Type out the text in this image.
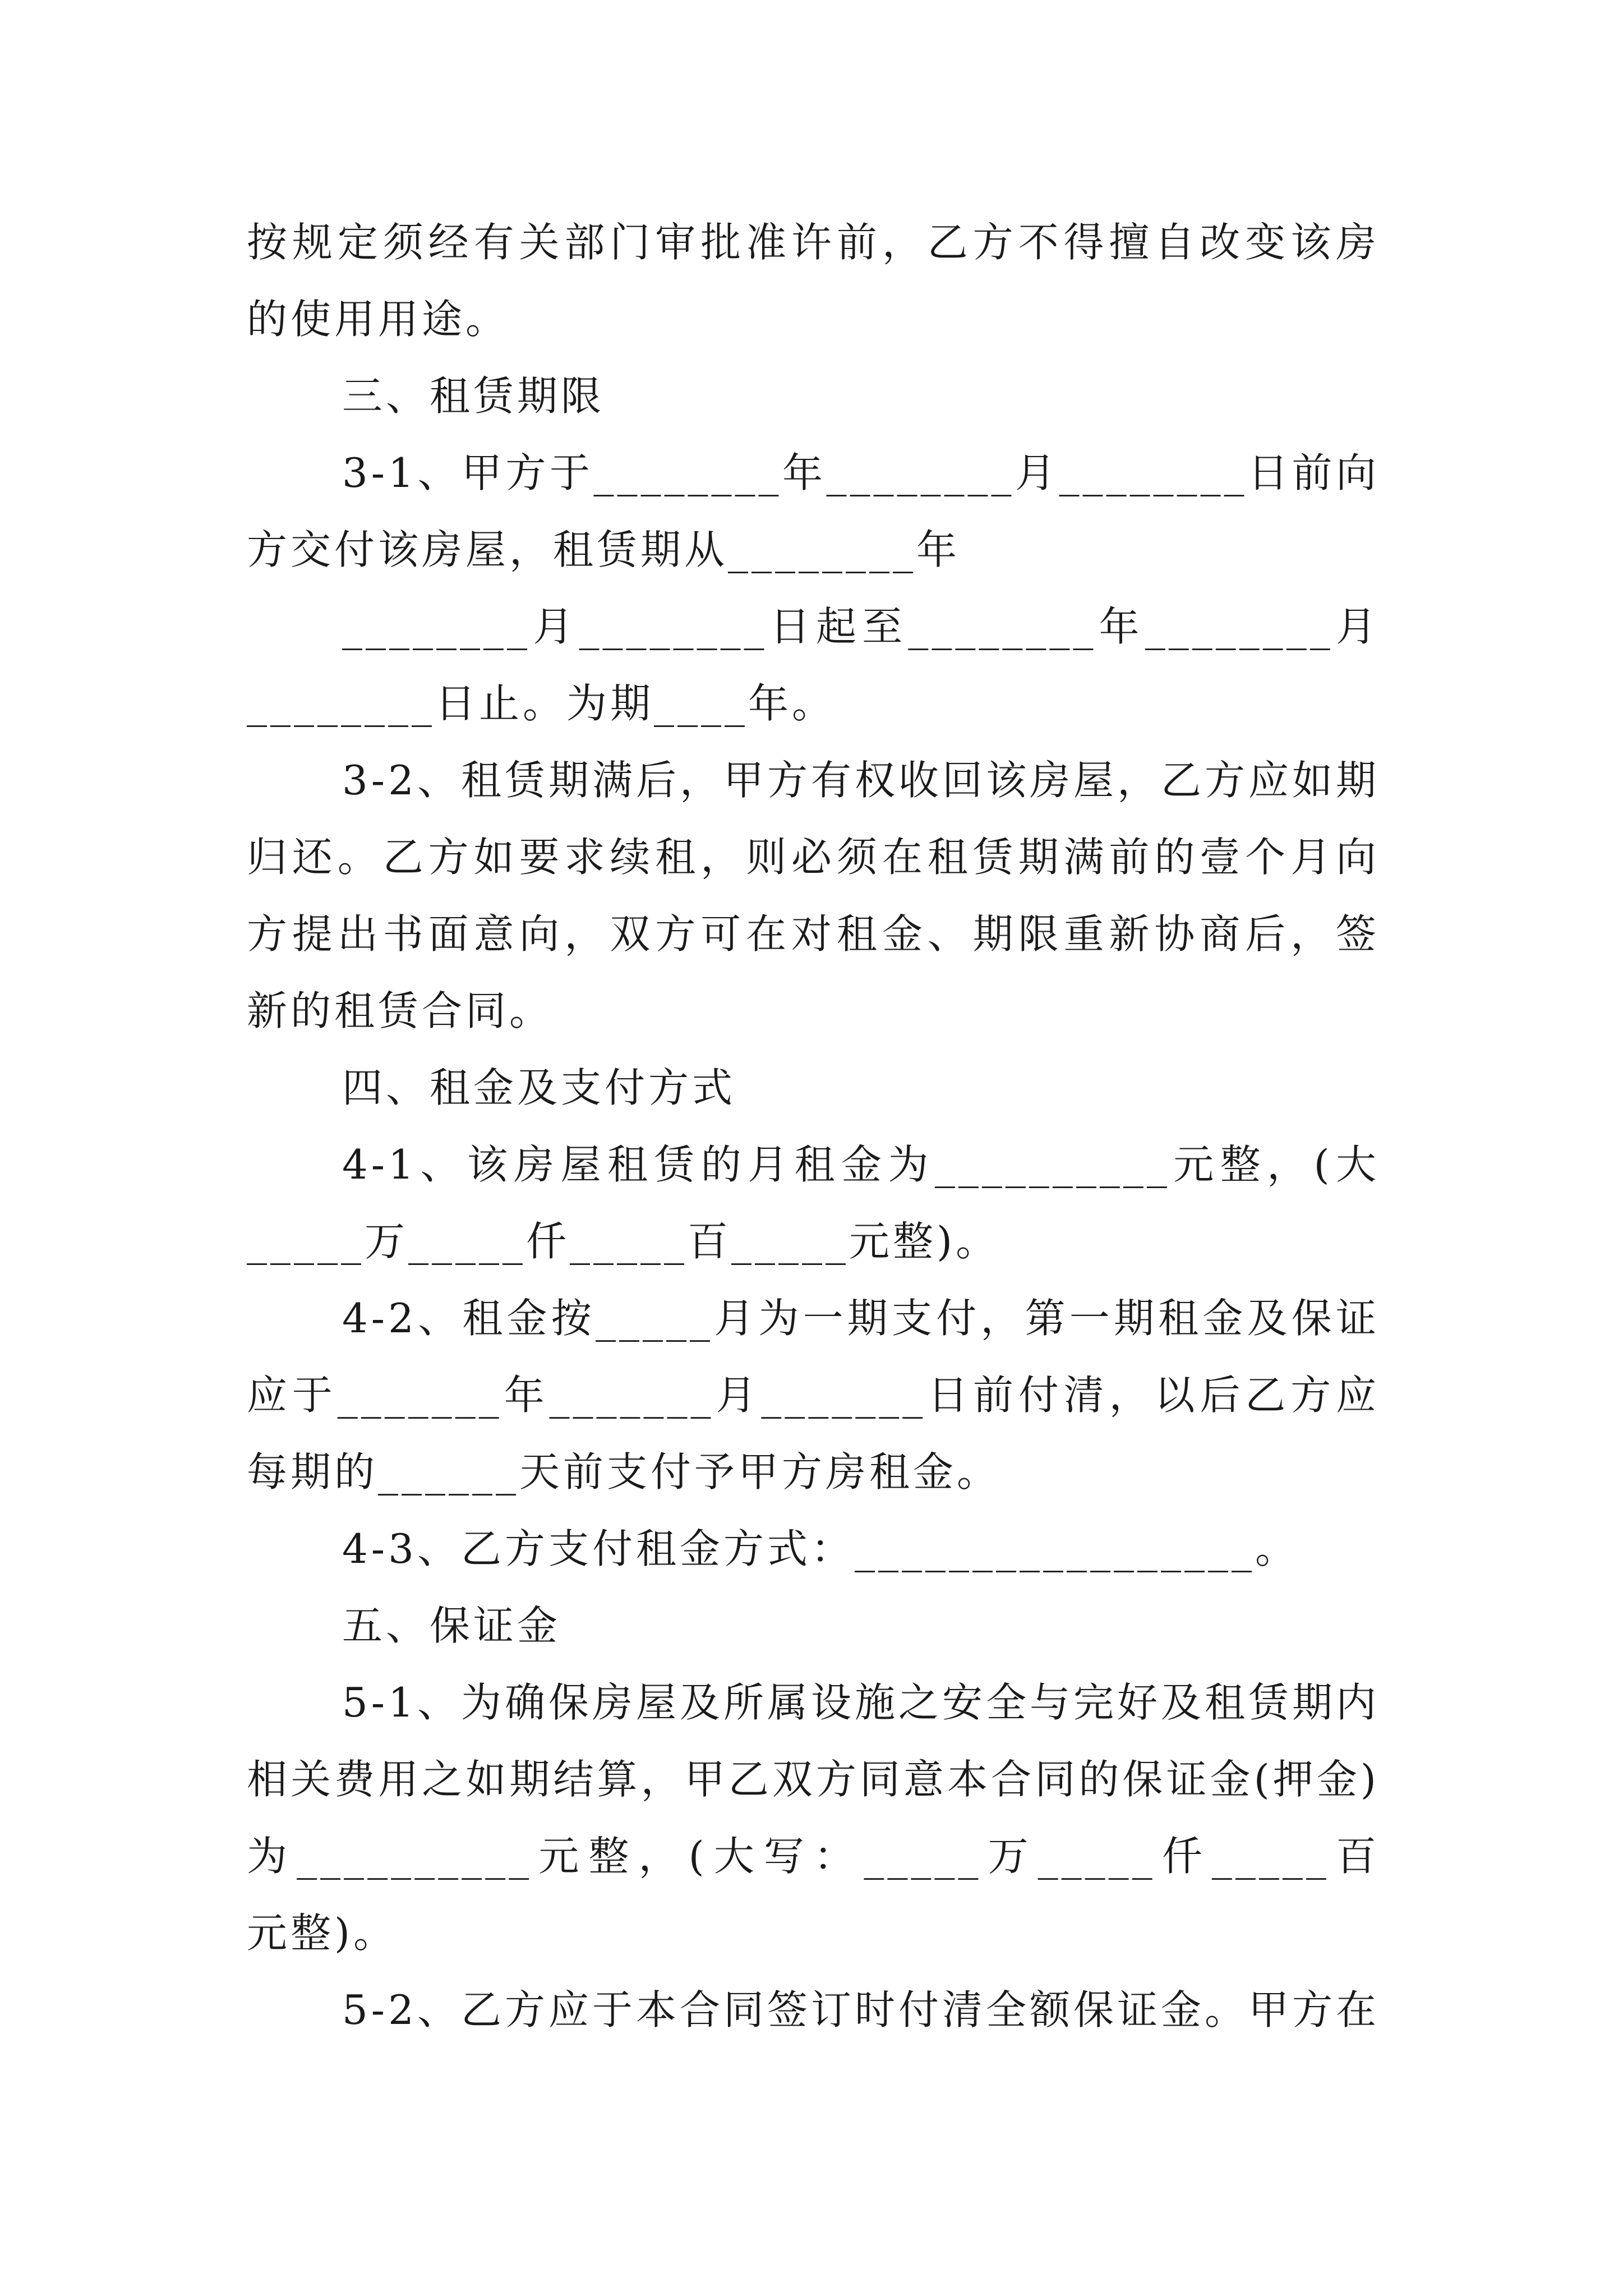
按规定须经有关部门审批准许前，乙方不得擅自改变该房
的使用用途。
三、租赁期限
3-1、甲方于________年________月________日前向
方交付该房屋，租赁期从________年
________月________日起至________年________月
________日止。为期____年。
3-2、租赁期满后，甲方有权收回该房屋，乙方应如期
归还。乙方如要求续租，则必须在租赁期满前的壹个月向
方提出书面意向，双方可在对租金、期限重新协商后，签
新的租赁合同。
四、租金及支付方式
4-1、该房屋租赁的月租金为__________元整，(大
_____万_____仟_____百_____元整)。
4-2、租金按_____月为一期支付，第一期租金及保证
应于_______年_______月_______日前付清，以后乙方应
每期的______天前支付予甲方房租金。
4-3、乙方支付租金方式：_________________。
五、保证金
5-1、为确保房屋及所属设施之安全与完好及租赁期内
相关费用之如期结算，甲乙双方同意本合同的保证金(押金)
为__________元整，(大写：_____万_____仟_____百
元整)。
5-2、乙方应于本合同签订时付清全额保证金。甲方在
